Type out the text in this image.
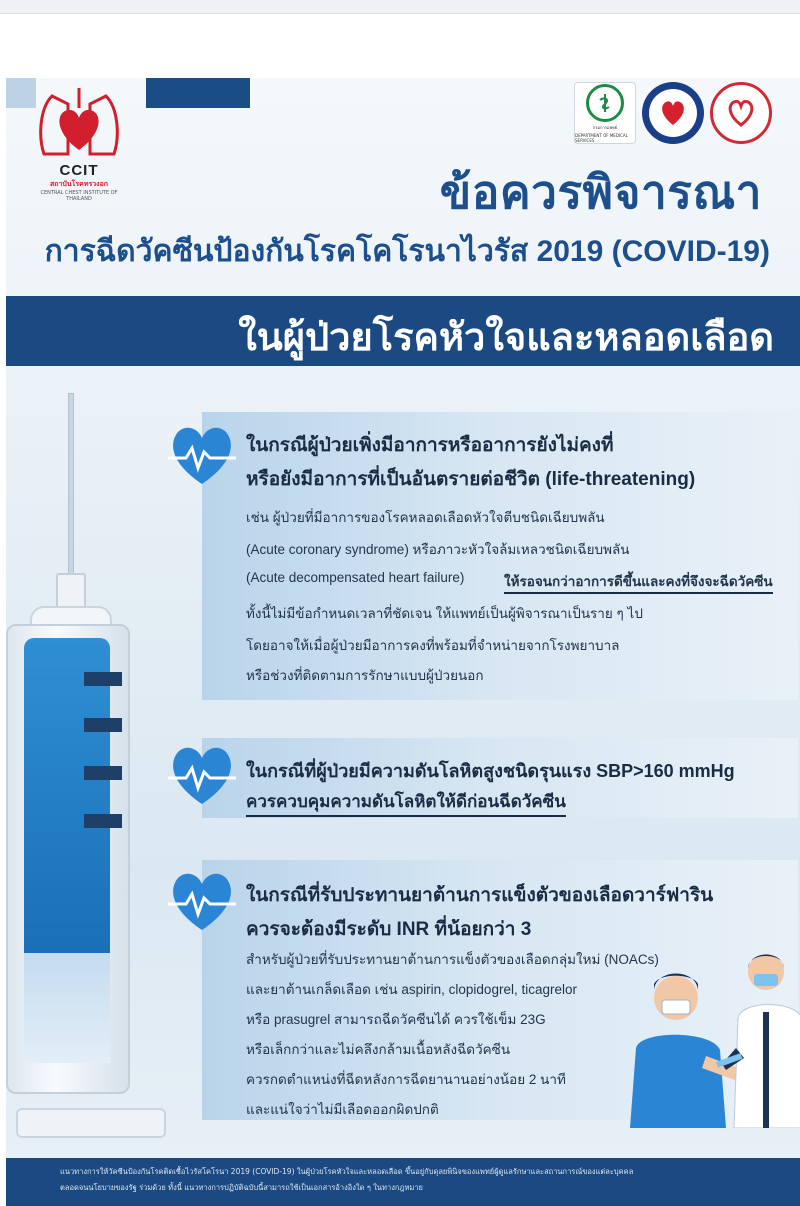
CCIT
สถาบันโรคทรวงอก
CENTRAL CHEST INSTITUTE OF THAILAND
กรมการแพทย์
DEPARTMENT OF MEDICAL SERVICES
ข้อควรพิจารณา
การฉีดวัคซีนป้องกันโรคโคโรนาไวรัส 2019 (COVID-19)
ในผู้ป่วยโรคหัวใจและหลอดเลือด
ในกรณีผู้ป่วยเพิ่งมีอาการหรืออาการยังไม่คงที่
หรือยังมีอาการที่เป็นอันตรายต่อชีวิต (life-threatening)
เช่น ผู้ป่วยที่มีอาการของโรคหลอดเลือดหัวใจตีบชนิดเฉียบพลัน
(Acute coronary syndrome) หรือภาวะหัวใจล้มเหลวชนิดเฉียบพลัน
(Acute decompensated heart failure)	ให้รอจนกว่าอาการดีขึ้นและคงที่จึงจะฉีดวัคซีน
ทั้งนี้ไม่มีข้อกำหนดเวลาที่ชัดเจน ให้แพทย์เป็นผู้พิจารณาเป็นราย ๆ ไป
โดยอาจให้เมื่อผู้ป่วยมีอาการคงที่พร้อมที่จำหน่ายจากโรงพยาบาล
หรือช่วงที่ติดตามการรักษาแบบผู้ป่วยนอก
ในกรณีที่ผู้ป่วยมีความดันโลหิตสูงชนิดรุนแรง SBP>160 mmHg
ควรควบคุมความดันโลหิตให้ดีก่อนฉีดวัคซีน
ในกรณีที่รับประทานยาต้านการแข็งตัวของเลือดวาร์ฟาริน
ควรจะต้องมีระดับ INR ที่น้อยกว่า 3
สำหรับผู้ป่วยที่รับประทานยาต้านการแข็งตัวของเลือดกลุ่มใหม่ (NOACs)
และยาต้านเกล็ดเลือด เช่น aspirin, clopidogrel, ticagrelor
หรือ prasugrel สามารถฉีดวัคซีนได้ ควรใช้เข็ม 23G
หรือเล็กกว่าและไม่คลึงกล้ามเนื้อหลังฉีดวัคซีน
ควรกดตำแหน่งที่ฉีดหลังการฉีดยานานอย่างน้อย 2 นาที
และแน่ใจว่าไม่มีเลือดออกผิดปกติ
แนวทางการให้วัคซีนป้องกันโรคติดเชื้อไวรัสโคโรนา 2019 (COVID-19) ในผู้ป่วยโรคหัวใจและหลอดเลือด ขึ้นอยู่กับดุลยพินิจของแพทย์ผู้ดูแลรักษาและสถานการณ์ของแต่ละบุคคล
ตลอดจนนโยบายของรัฐ ร่วมด้วย ทั้งนี้ แนวทางการปฏิบัติฉบับนี้สามารถใช้เป็นเอกสารอ้างอิงใด ๆ ในทางกฎหมาย
